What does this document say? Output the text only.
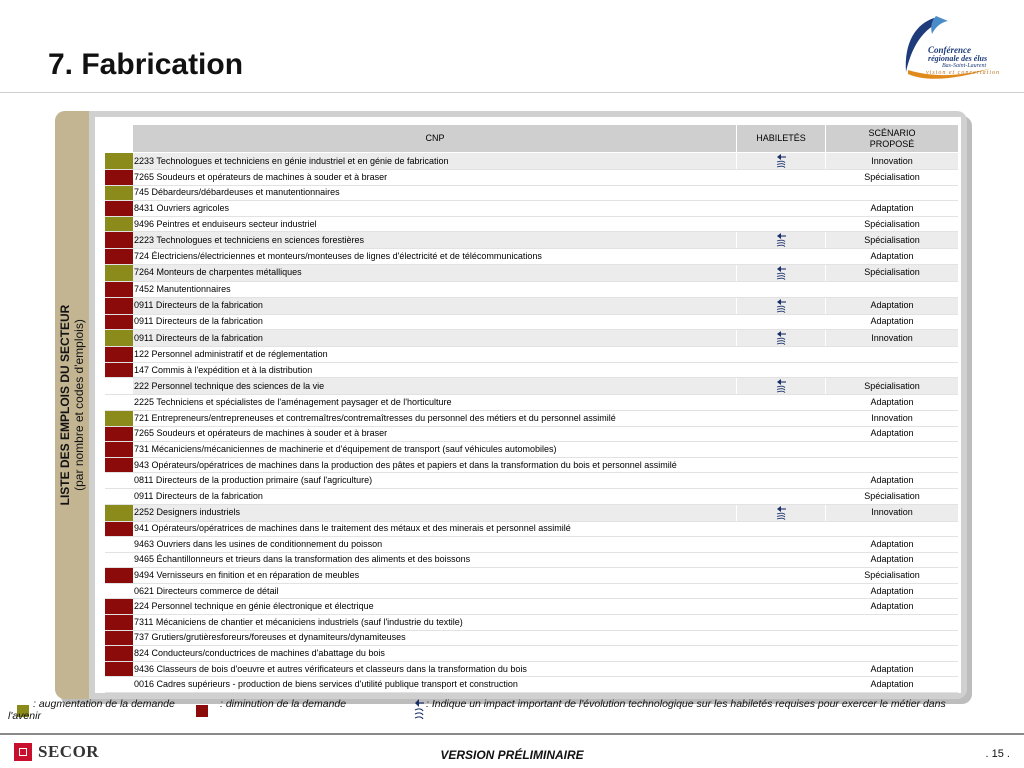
7. Fabrication	Conférence
régionale des élus
Bas-Saint-Laurent
vision et concertation
LISTE DES EMPLOIS DU SECTEUR (par nombre et codes d'emplois)
	CNP	HABILETÉS	SCÉNARIO
PROPOSÉ
	2233 Technologues et techniciens en génie industriel et en génie de fabrication		Innovation
	7265 Soudeurs et opérateurs de machines à souder et à braser		Spécialisation
	745 Débardeurs/débardeuses et manutentionnaires		
	8431 Ouvriers agricoles		Adaptation
	9496 Peintres et enduiseurs secteur industriel		Spécialisation
	2223 Technologues et techniciens en sciences forestières		Spécialisation
	724 Électriciens/électriciennes et monteurs/monteuses de lignes d'électricité et de télécommunications		Adaptation
	7264 Monteurs de charpentes métalliques		Spécialisation
	7452 Manutentionnaires		
	0911 Directeurs de la fabrication		Adaptation
	0911 Directeurs de la fabrication		Adaptation
	0911 Directeurs de la fabrication		Innovation
	122 Personnel administratif et de réglementation		
	147 Commis à l'expédition et à la distribution		
	222 Personnel technique des sciences de la vie		Spécialisation
	2225 Techniciens et spécialistes de l'aménagement paysager et de l'horticulture		Adaptation
	721 Entrepreneurs/entrepreneuses et contremaîtres/contremaîtresses du personnel des métiers et du personnel assimilé		Innovation
	7265 Soudeurs et opérateurs de machines à souder et à braser		Adaptation
	731 Mécaniciens/mécaniciennes de machinerie et d'équipement de transport (sauf véhicules automobiles)		
	943 Opérateurs/opératrices de machines dans la production des pâtes et papiers et dans la transformation du bois et personnel assimilé		
	0811 Directeurs de la production primaire (sauf l'agriculture)		Adaptation
	0911 Directeurs de la fabrication		Spécialisation
	2252 Designers industriels		Innovation
	941 Opérateurs/opératrices de machines dans le traitement des métaux et des minerais et personnel assimilé		
	9463 Ouvriers dans les usines de conditionnement du poisson		Adaptation
	9465 Échantillonneurs et trieurs dans la transformation des aliments et des boissons		Adaptation
	9494 Vernisseurs en finition et en réparation de meubles		Spécialisation
	0621 Directeurs commerce de détail		Adaptation
	224 Personnel technique en génie électronique et électrique		Adaptation
	7311 Mécaniciens de chantier et mécaniciens industriels (sauf l'industrie du textile)		
	737 Grutiers/grutièresforeurs/foreuses et dynamiteurs/dynamiteuses		
	824 Conducteurs/conductrices de machines d'abattage du bois		
	9436 Classeurs de bois d'oeuvre et autres vérificateurs et classeurs dans la transformation du bois		Adaptation
	0016 Cadres supérieurs - production de biens services d'utilité publique transport et construction		Adaptation
: augmentation de la demande	: diminution de la demande	: Indique un impact important de l'évolution technologique sur les habiletés requises pour exercer le métier dans
l'avenir
SECOR	VERSION PRÉLIMINAIRE	. 15 .
